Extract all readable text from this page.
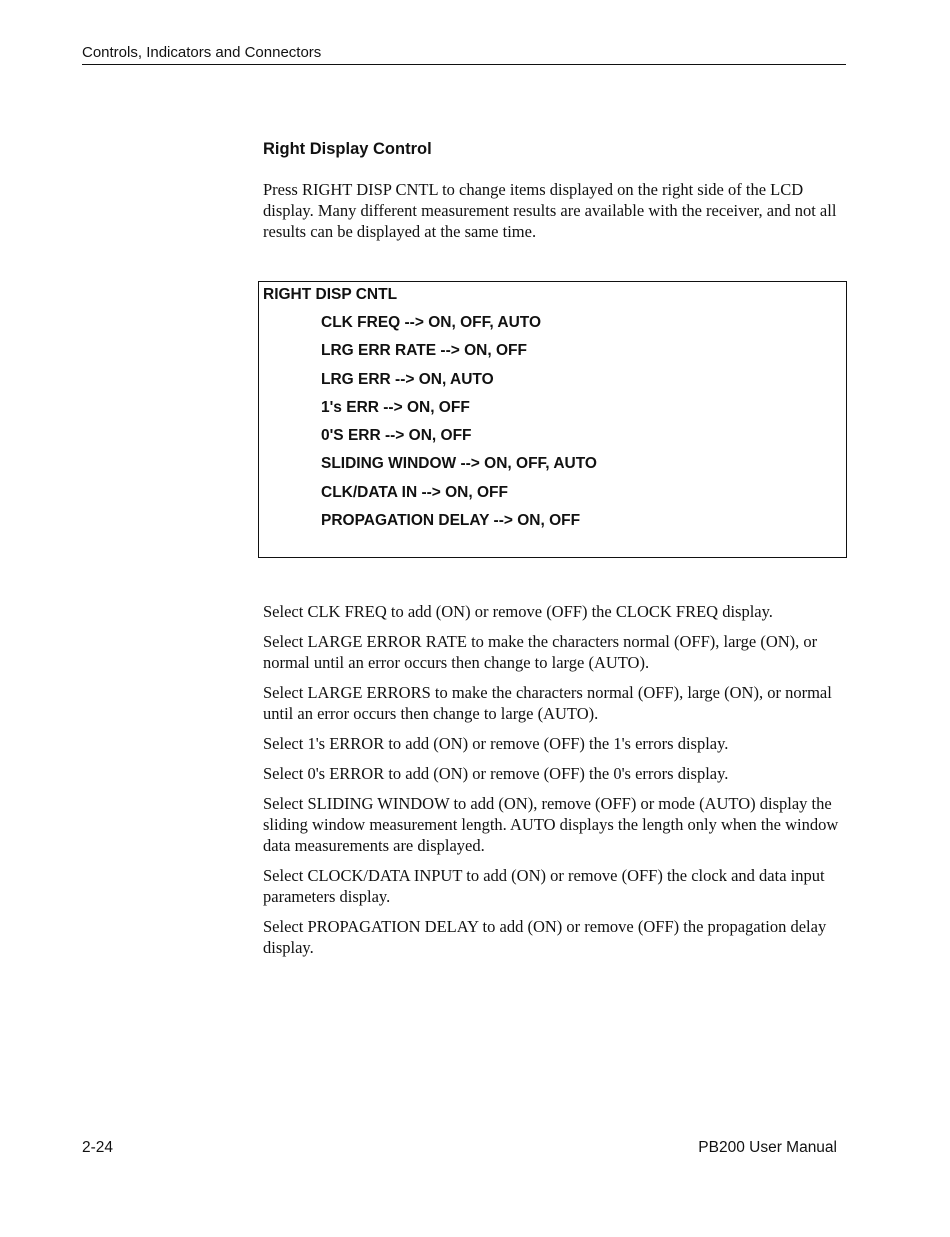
Controls, Indicators and Connectors
Right Display Control

Press RIGHT DISP CNTL to change items displayed on the right side of the LCD display. Many different measurement results are available with the receiver, and not all results can be displayed at the same time.

RIGHT DISP CNTL
CLK FREQ --> ON, OFF, AUTO
LRG ERR RATE --> ON, OFF
LRG ERR --> ON, AUTO
1's ERR --> ON, OFF
0'S ERR --> ON, OFF
SLIDING WINDOW --> ON, OFF, AUTO
CLK/DATA IN --> ON, OFF
PROPAGATION DELAY --> ON, OFF

Select CLK FREQ to add (ON) or remove (OFF) the CLOCK FREQ display.

Select LARGE ERROR RATE to make the characters normal (OFF), large (ON), or normal until an error occurs then change to large (AUTO).

Select LARGE ERRORS to make the characters normal (OFF), large (ON), or normal until an error occurs then change to large (AUTO).

Select 1's ERROR to add (ON) or remove (OFF) the 1's errors display.

Select 0's ERROR to add (ON) or remove (OFF) the 0's errors display.

Select SLIDING WINDOW to add (ON), remove (OFF) or mode (AUTO) display the sliding window measurement length. AUTO displays the length only when the window data measurements are displayed.

Select CLOCK/DATA INPUT to add (ON) or remove (OFF) the clock and data input parameters display.

Select PROPAGATION DELAY to add (ON) or remove (OFF) the propagation delay display.

2-24	PB200 User Manual
